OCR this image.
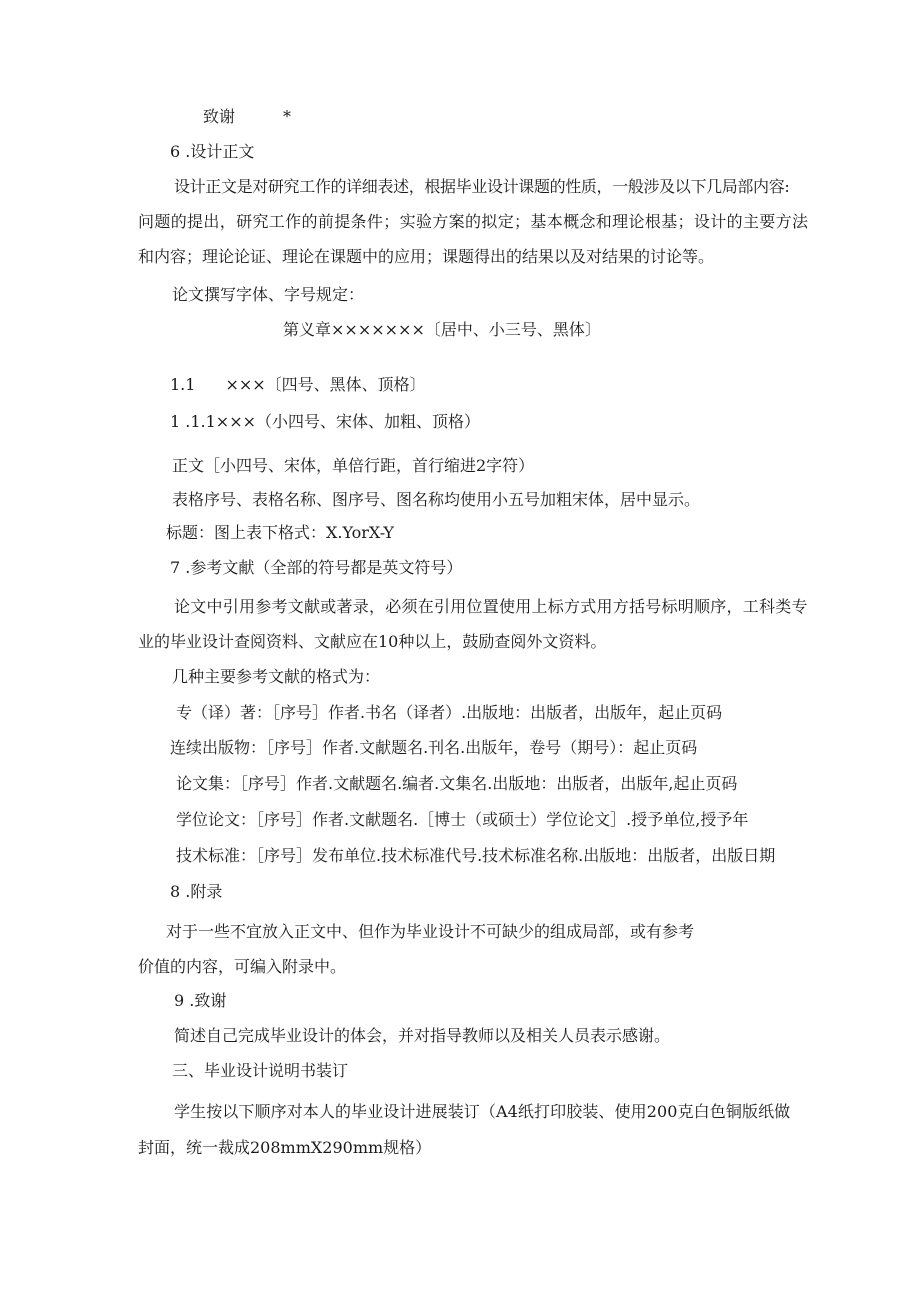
致谢	*

6 .设计正文

设计正文是对研究工作的详细表述，根据毕业设计课题的性质，一般涉及以下几局部内容:

问题的提出，研究工作的前提条件；实验方案的拟定；基本概念和理论根基；设计的主要方法

和内容；理论论证、理论在课题中的应用；课题得出的结果以及对结果的讨论等。

论文撰写字体、字号规定：

第义章×××××××〔居中、小三号、黑体〕

1.1 ×××〔四号、黑体、顶格〕

1 .1.1×××（小四号、宋体、加粗、顶格）

正文［小四号、宋体，单倍行距，首行缩进2字符）

表格序号、表格名称、图序号、图名称均使用小五号加粗宋体，居中显示。

标题：图上表下格式：X.YorX-Y

7 .参考文献（全部的符号都是英文符号）

论文中引用参考文献或著录，必须在引用位置使用上标方式用方括号标明顺序，工科类专

业的毕业设计查阅资料、文献应在10种以上，鼓励查阅外文资料。

几种主要参考文献的格式为：

专（译）著：［序号］作者.书名（译者）.出版地：出版者，出版年，起止页码

连续出版物：［序号］作者.文献题名.刊名.出版年，卷号（期号）：起止页码

论文集：［序号］作者.文献题名.编者.文集名.出版地：出版者，出版年,起止页码

学位论文：［序号］作者.文献题名.［博士（或硕士）学位论文］.授予单位,授予年

技术标准：［序号］发布单位.技术标准代号.技术标准名称.出版地：出版者，出版日期

8 .附录

对于一些不宜放入正文中、但作为毕业设计不可缺少的组成局部，或有参考

价值的内容，可编入附录中。

9 .致谢

简述自己完成毕业设计的体会，并对指导教师以及相关人员表示感谢。

三、毕业设计说明书装订

学生按以下顺序对本人的毕业设计进展装订（A4纸打印胶装、使用200克白色铜版纸做

封面，统一裁成208mmX290mm规格）
